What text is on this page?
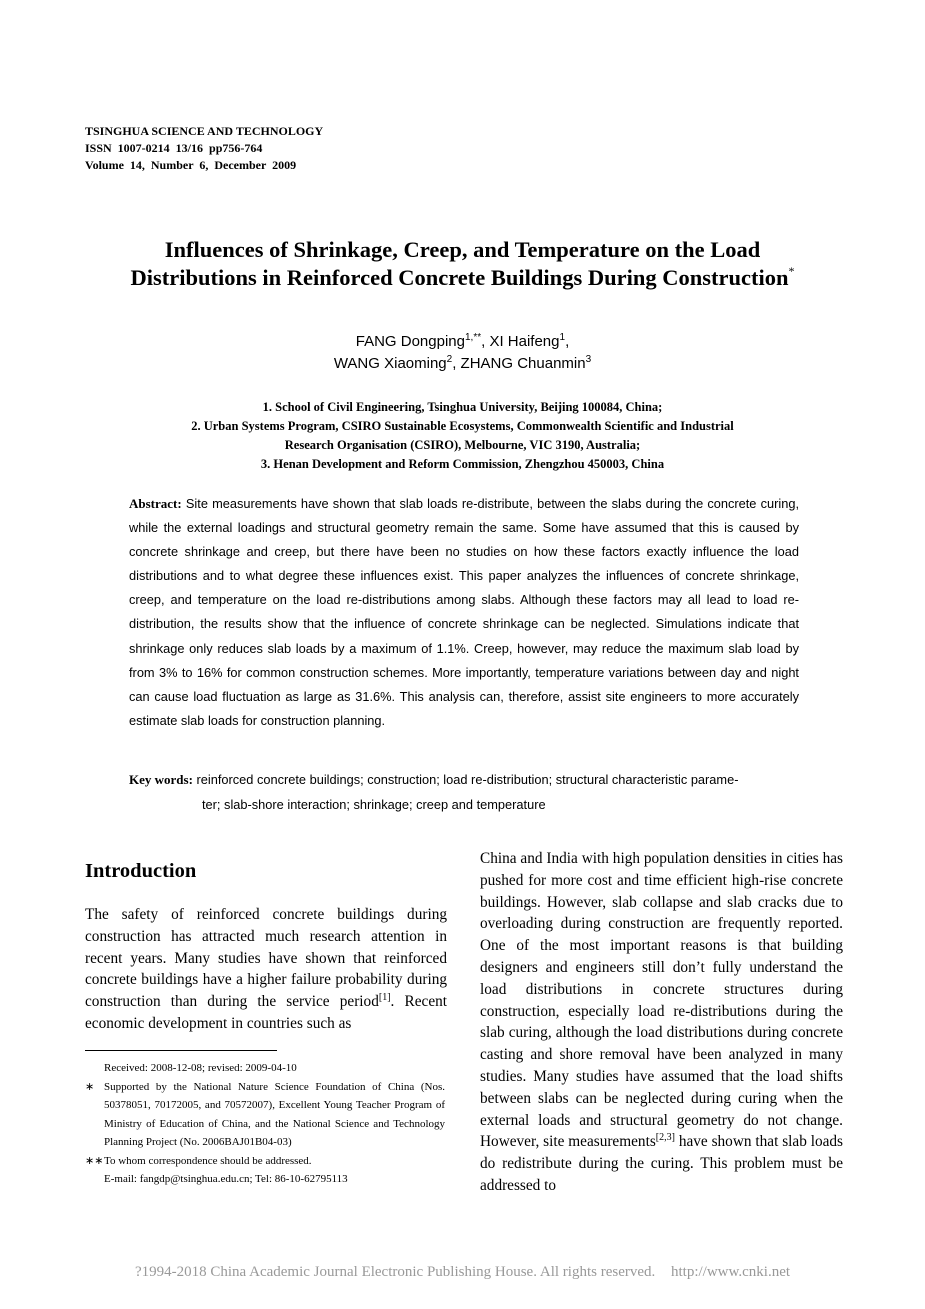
TSINGHUA SCIENCE AND TECHNOLOGY
ISSN  1007-0214  13/16  pp756-764
Volume  14,  Number  6,  December  2009
Influences of Shrinkage, Creep, and Temperature on the Load
Distributions in Reinforced Concrete Buildings During Construction*
FANG Dongping$^{1,**}$, XI Haifeng$^1$,
WANG Xiaoming$^2$, ZHANG Chuanmin$^3$
1. School of Civil Engineering, Tsinghua University, Beijing 100084, China;
2. Urban Systems Program, CSIRO Sustainable Ecosystems, Commonwealth Scientific and Industrial
Research Organisation (CSIRO), Melbourne, VIC 3190, Australia;
3. Henan Development and Reform Commission, Zhengzhou 450003, China
Abstract: Site measurements have shown that slab loads re-distribute, between the slabs during the concrete curing, while the external loadings and structural geometry remain the same. Some have assumed that this is caused by concrete shrinkage and creep, but there have been no studies on how these factors exactly influence the load distributions and to what degree these influences exist. This paper analyzes the influences of concrete shrinkage, creep, and temperature on the load re-distributions among slabs. Although these factors may all lead to load re-distribution, the results show that the influence of concrete shrinkage can be neglected. Simulations indicate that shrinkage only reduces slab loads by a maximum of 1.1%. Creep, however, may reduce the maximum slab load by from 3% to 16% for common construction schemes. More importantly, temperature variations between day and night can cause load fluctuation as large as 31.6%. This analysis can, therefore, assist site engineers to more accurately estimate slab loads for construction planning.
Key words: reinforced concrete buildings; construction; load re-distribution; structural characteristic parame-
ter; slab-shore interaction; shrinkage; creep and temperature
Introduction
The safety of reinforced concrete buildings during construction has attracted much research attention in recent years. Many studies have shown that reinforced concrete buildings have a higher failure probability during construction than during the service period[1]. Recent economic development in countries such as
China and India with high population densities in cities has pushed for more cost and time efficient high-rise concrete buildings. However, slab collapse and slab cracks due to overloading during construction are frequently reported. One of the most important reasons is that building designers and engineers still don’t fully understand the load distributions in concrete structures during construction, especially load re-distributions during the slab curing, although the load distributions during concrete casting and shore removal have been analyzed in many studies. Many studies have assumed that the load shifts between slabs can be neglected during curing when the external loads and structural geometry do not change. However, site measurements[2,3] have shown that slab loads do redistribute during the curing. This problem must be addressed to
Received: 2008-12-08; revised: 2009-04-10
∗ Supported by the National Nature Science Foundation of China (Nos. 50378051, 70172005, and 70572007), Excellent Young Teacher Program of Ministry of Education of China, and the National Science and Technology Planning Project (No. 2006BAJ01B04-03)
∗∗ To whom correspondence should be addressed.
E-mail: fangdp@tsinghua.edu.cn; Tel: 86-10-62795113
?1994-2018 China Academic Journal Electronic Publishing House. All rights reserved. http://www.cnki.net
